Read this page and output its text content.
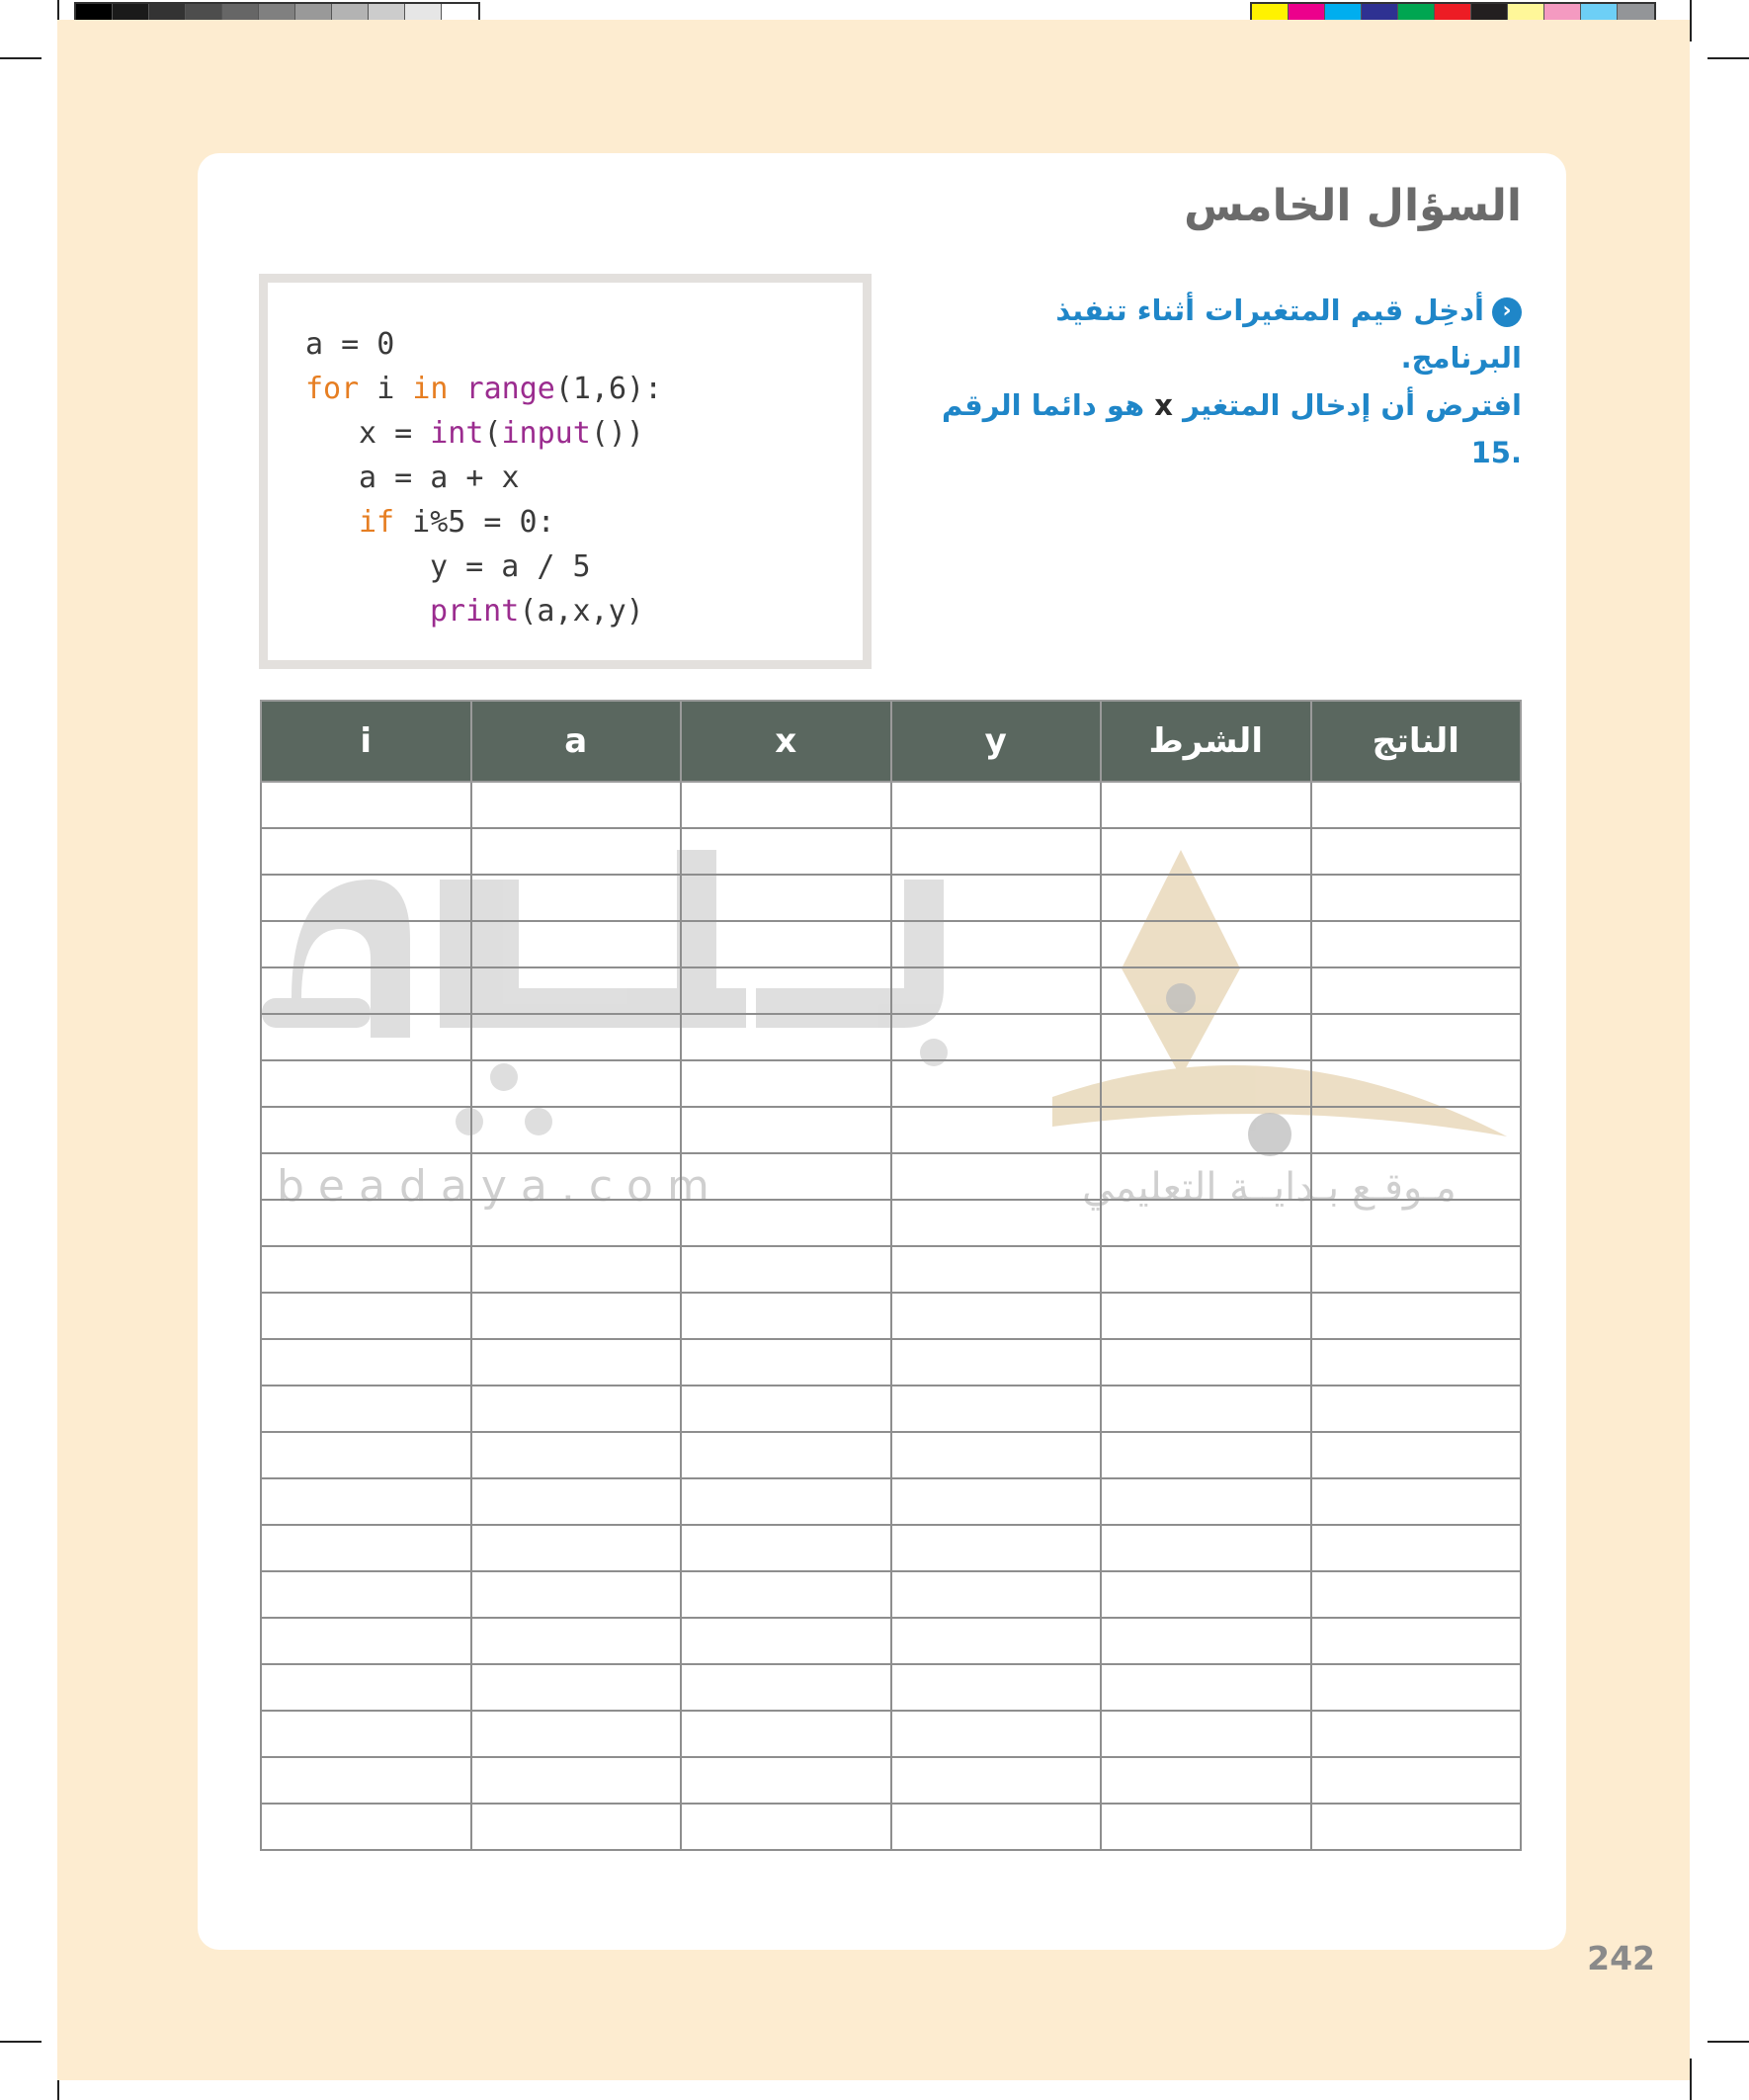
السؤال الخامس
‹أدخِل قيم المتغيرات أثناء تنفيذ البرنامج.
افترض أن إدخال المتغير x هو دائما الرقم
.15
a = 0
for i in range(1,6):
x = int(input())
a = a + x
if i%5 = 0:
y = a / 5
print(a,x,y)
beadaya.com	مـوقـع بـدايــة التعليمي
i	a	x	y	الشرط	الناتج

242
